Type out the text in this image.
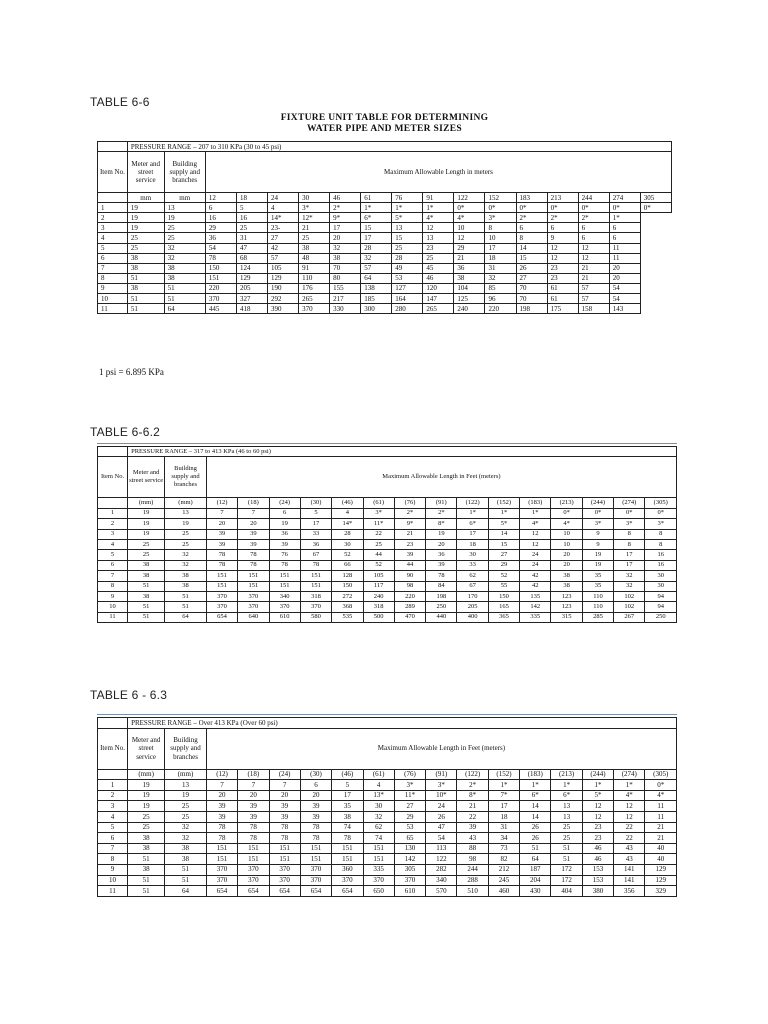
TABLE 6-6
FIXTURE UNIT TABLE FOR DETERMINING
WATER PIPE AND METER SIZES
	PRESSURE RANGE – 207 to 310 KPa (30 to 45 psi)																
Item No.	Meter and street service	Building supply and branches	Maximum Allowable Length in meters														
	mm	mm	12	18	24	30	46	61	76	91	122	152	183	213	244	274	305
1	19	13	6	5	4	3*	2*	1*	1*	1*	0*	0*	0*	0*	0*	0*	0*
2	19	19	16	16	14*	12*	9*	6*	5*	4*	4*	3*	2*	2*	2*	1*	
3	19	25	29	25	23-	21	17	15	13	12	10	8	6	6	6	6	
4	25	25	36	31	27	25	20	17	15	13	12	10	8	9	6	6	
5	25	32	54	47	42	38	32	28	25	23	29	17	14	12	12	11	
6	38	32	78	68	57	48	38	32	28	25	21	18	15	12	12	11	
7	38	38	150	124	105	91	70	57	49	45	36	31	26	23	21	20	
8	51	38	151	129	129	110	80	64	53	46	38	32	27	23	21	20	
9	38	51	220	205	190	176	155	138	127	120	104	85	70	61	57	54	
10	51	51	370	327	292	265	217	185	164	147	125	96	70	61	57	54	
11	51	64	445	418	390	370	330	300	280	265	240	220	198	175	158	143	
1 psi = 6.895 KPa
TABLE 6-6.2
	PRESSURE RANGE – 317 to 413 KPa (46 to 60 psi)																
Item No.	Meter and street service	Building supply and branches	Maximum Allowable Length in Feet (meters)														
	(mm)	(mm)	(12)	(18)	(24)	(30)	(46)	(61)	(76)	(91)	(122)	(152)	(183)	(213)	(244)	(274)	(305)
1	19	13	7	7	6	5	4	3*	2*	2*	1*	1*	1*	0*	0*	0*	0*
2	19	19	20	20	19	17	14*	11*	9*	8*	6*	5*	4*	4*	3*	3*	3*
3	19	25	39	39	36	33	28	22	21	19	17	14	12	10	9	8	8
4	25	25	39	39	39	36	30	25	23	20	18	15	12	10	9	8	8
5	25	32	78	78	76	67	52	44	39	36	30	27	24	20	19	17	16
6	38	32	78	78	78	78	66	52	44	39	33	29	24	20	19	17	16
7	38	38	151	151	151	151	128	105	90	78	62	52	42	38	35	32	30
8	51	38	151	151	151	151	150	117	98	84	67	55	42	38	35	32	30
9	38	51	370	370	340	318	272	240	220	198	170	150	135	123	110	102	94
10	51	51	370	370	370	370	368	318	289	250	205	165	142	123	110	102	94
11	51	64	654	640	610	580	535	500	470	440	400	365	335	315	285	267	250
TABLE 6 - 6.3
	PRESSURE RANGE – Over 413 KPa (Over 60 psi)																
Item No.	Meter and street service	Building supply and branches	Maximum Allowable Length in Feet (meters)														
	(mm)	(mm)	(12)	(18)	(24)	(30)	(46)	(61)	(76)	(91)	(122)	(152)	(183)	(213)	(244)	(274)	(305)
1	19	13	7	7	7	6	5	4	3*	3*	2*	1*	1*	1*	1*	1*	0*
2	19	19	20	20	20	20	17	13*	11*	10*	8*	7*	6*	6*	5*	4*	4*
3	19	25	39	39	39	39	35	30	27	24	21	17	14	13	12	12	11
4	25	25	39	39	39	39	38	32	29	26	22	18	14	13	12	12	11
5	25	32	78	78	78	78	74	62	53	47	39	31	26	25	23	22	21
6	38	32	78	78	78	78	78	74	65	54	43	34	26	25	23	22	21
7	38	38	151	151	151	151	151	151	130	113	88	73	51	51	46	43	40
8	51	38	151	151	151	151	151	151	142	122	98	82	64	51	46	43	40
9	38	51	370	370	370	370	360	335	305	282	244	212	187	172	153	141	129
10	51	51	370	370	370	370	370	370	370	340	288	245	204	172	153	141	129
11	51	64	654	654	654	654	654	650	610	570	510	460	430	404	380	356	329
